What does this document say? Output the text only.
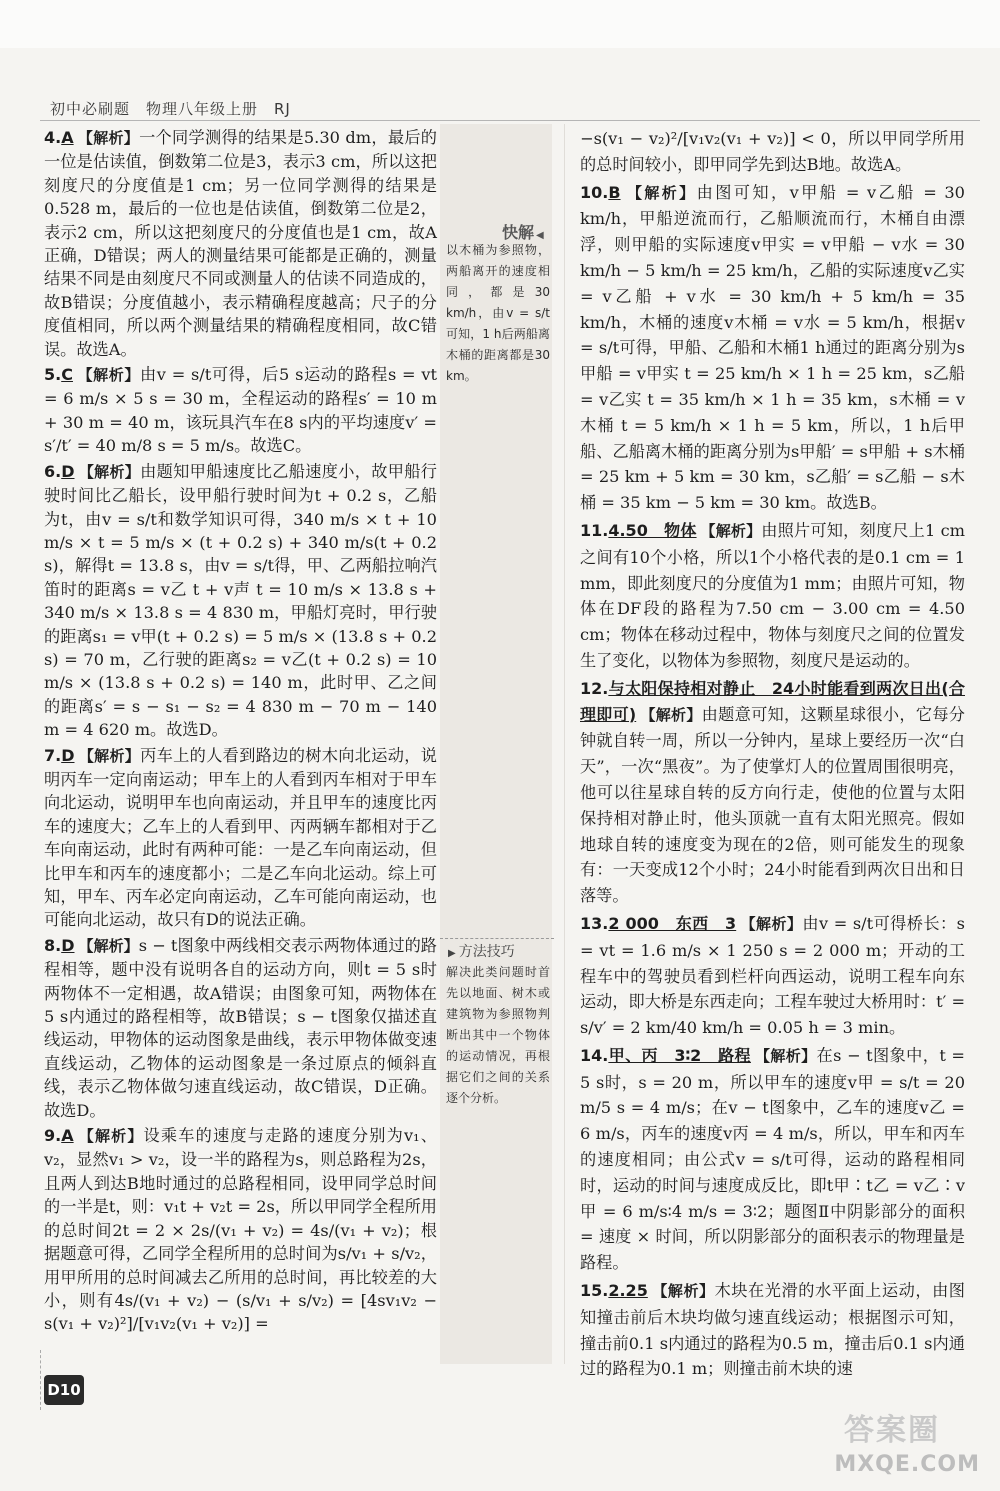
初中必刷题　物理八年级上册　RJ
快解 ◀
以木桶为参照物，两船离开的速度相同，都是30 km/h，由v = s/t可知，1 h后两船离木桶的距离都是30 km。
▶ 方法技巧
解决此类问题时首先以地面、树木或建筑物为参照物判断出其中一个物体的运动情况，再根据它们之间的关系逐个分析。
4.A 【解析】一个同学测得的结果是5.30 dm，最后的一位是估读值，倒数第二位是3，表示3 cm，所以这把刻度尺的分度值是1 cm；另一位同学测得的结果是0.528 m，最后的一位也是估读值，倒数第二位是2，表示2 cm，所以这把刻度尺的分度值也是1 cm，故A正确，D错误；两人的测量结果可能都是正确的，测量结果不同是由刻度尺不同或测量人的估读不同造成的，故B错误；分度值越小，表示精确程度越高；尺子的分度值相同，所以两个测量结果的精确程度相同，故C错误。故选A。
5.C 【解析】由v = s/t可得，后5 s运动的路程s = vt = 6 m/s × 5 s = 30 m，全程运动的路程s′ = 10 m + 30 m = 40 m，该玩具汽车在8 s内的平均速度v′ = s′/t′ = 40 m/8 s = 5 m/s。故选C。
6.D 【解析】由题知甲船速度比乙船速度小，故甲船行驶时间比乙船长，设甲船行驶时间为t + 0.2 s，乙船为t，由v = s/t和数学知识可得，340 m/s × t + 10 m/s × t = 5 m/s × (t + 0.2 s) + 340 m/s(t + 0.2 s)，解得t = 13.8 s，由v = s/t得，甲、乙两船拉响汽笛时的距离s = v乙 t + v声 t = 10 m/s × 13.8 s + 340 m/s × 13.8 s = 4 830 m，甲船灯亮时，甲行驶的距离s₁ = v甲(t + 0.2 s) = 5 m/s × (13.8 s + 0.2 s) = 70 m，乙行驶的距离s₂ = v乙(t + 0.2 s) = 10 m/s × (13.8 s + 0.2 s) = 140 m，此时甲、乙之间的距离s′ = s − s₁ − s₂ = 4 830 m − 70 m − 140 m = 4 620 m。故选D。
7.D 【解析】丙车上的人看到路边的树木向北运动，说明丙车一定向南运动；甲车上的人看到丙车相对于甲车向北运动，说明甲车也向南运动，并且甲车的速度比丙车的速度大；乙车上的人看到甲、丙两辆车都相对于乙车向南运动，此时有两种可能：一是乙车向南运动，但比甲车和丙车的速度都小；二是乙车向北运动。综上可知，甲车、丙车必定向南运动，乙车可能向南运动，也可能向北运动，故只有D的说法正确。
8.D 【解析】s − t图象中两线相交表示两物体通过的路程相等，题中没有说明各自的运动方向，则t = 5 s时两物体不一定相遇，故A错误；由图象可知，两物体在5 s内通过的路程相等，故B错误；s − t图象仅描述直线运动，甲物体的运动图象是曲线，表示甲物体做变速直线运动，乙物体的运动图象是一条过原点的倾斜直线，表示乙物体做匀速直线运动，故C错误，D正确。故选D。
9.A 【解析】设乘车的速度与走路的速度分别为v₁、v₂，显然v₁ > v₂，设一半的路程为s，则总路程为2s，且两人到达B地时通过的总路程相同，设甲同学总时间的一半是t，则：v₁t + v₂t = 2s，所以甲同学全程所用的总时间2t = 2 × 2s/(v₁ + v₂) = 4s/(v₁ + v₂)；根据题意可得，乙同学全程所用的总时间为s/v₁ + s/v₂，用甲所用的总时间减去乙所用的总时间，再比较差的大小，则有4s/(v₁ + v₂) − (s/v₁ + s/v₂) = [4sv₁v₂ − s(v₁ + v₂)²]/[v₁v₂(v₁ + v₂)] =
−s(v₁ − v₂)²/[v₁v₂(v₁ + v₂)] < 0，所以甲同学所用的总时间较小，即甲同学先到达B地。故选A。
10.B 【解析】由图可知，v甲船 = v乙船 = 30 km/h，甲船逆流而行，乙船顺流而行，木桶自由漂浮，则甲船的实际速度v甲实 = v甲船 − v水 = 30 km/h − 5 km/h = 25 km/h，乙船的实际速度v乙实 = v乙船 + v水 = 30 km/h + 5 km/h = 35 km/h，木桶的速度v木桶 = v水 = 5 km/h，根据v = s/t可得，甲船、乙船和木桶1 h通过的距离分别为s甲船 = v甲实 t = 25 km/h × 1 h = 25 km，s乙船 = v乙实 t = 35 km/h × 1 h = 35 km，s木桶 = v木桶 t = 5 km/h × 1 h = 5 km，所以，1 h后甲船、乙船离木桶的距离分别为s甲船′ = s甲船 + s木桶 = 25 km + 5 km = 30 km，s乙船′ = s乙船 − s木桶 = 35 km − 5 km = 30 km。故选B。
11.4.50　物体 【解析】由照片可知，刻度尺上1 cm之间有10个小格，所以1个小格代表的是0.1 cm = 1 mm，即此刻度尺的分度值为1 mm；由照片可知，物体在DF段的路程为7.50 cm − 3.00 cm = 4.50 cm；物体在移动过程中，物体与刻度尺之间的位置发生了变化，以物体为参照物，刻度尺是运动的。
12.与太阳保持相对静止　24小时能看到两次日出(合理即可) 【解析】由题意可知，这颗星球很小，它每分钟就自转一周，所以一分钟内，星球上要经历一次“白天”，一次“黑夜”。为了使掌灯人的位置周围很明亮，他可以往星球自转的反方向行走，使他的位置与太阳保持相对静止时，他头顶就一直有太阳光照亮。假如地球自转的速度变为现在的2倍，则可能发生的现象有：一天变成12个小时；24小时能看到两次日出和日落等。
13.2 000　东西　3 【解析】由v = s/t可得桥长：s = vt = 1.6 m/s × 1 250 s = 2 000 m；开动的工程车中的驾驶员看到栏杆向西运动，说明工程车向东运动，即大桥是东西走向；工程车驶过大桥用时：t′ = s/v′ = 2 km/40 km/h = 0.05 h = 3 min。
14.甲、丙　3∶2　路程 【解析】在s − t图象中，t = 5 s时，s = 20 m，所以甲车的速度v甲 = s/t = 20 m/5 s = 4 m/s；在v − t图象中，乙车的速度v乙 = 6 m/s，丙车的速度v丙 = 4 m/s，所以，甲车和丙车的速度相同；由公式v = s/t可得，运动的路程相同时，运动的时间与速度成反比，即t甲∶t乙 = v乙∶v甲 = 6 m/s∶4 m/s = 3∶2；题图Ⅱ中阴影部分的面积 = 速度 × 时间，所以阴影部分的面积表示的物理量是路程。
15.2.25 【解析】木块在光滑的水平面上运动，由图知撞击前后木块均做匀速直线运动；根据图示可知，撞击前0.1 s内通过的路程为0.5 m，撞击后0.1 s内通过的路程为0.1 m；则撞击前木块的速
D10
答案圈
MXQE.COM
